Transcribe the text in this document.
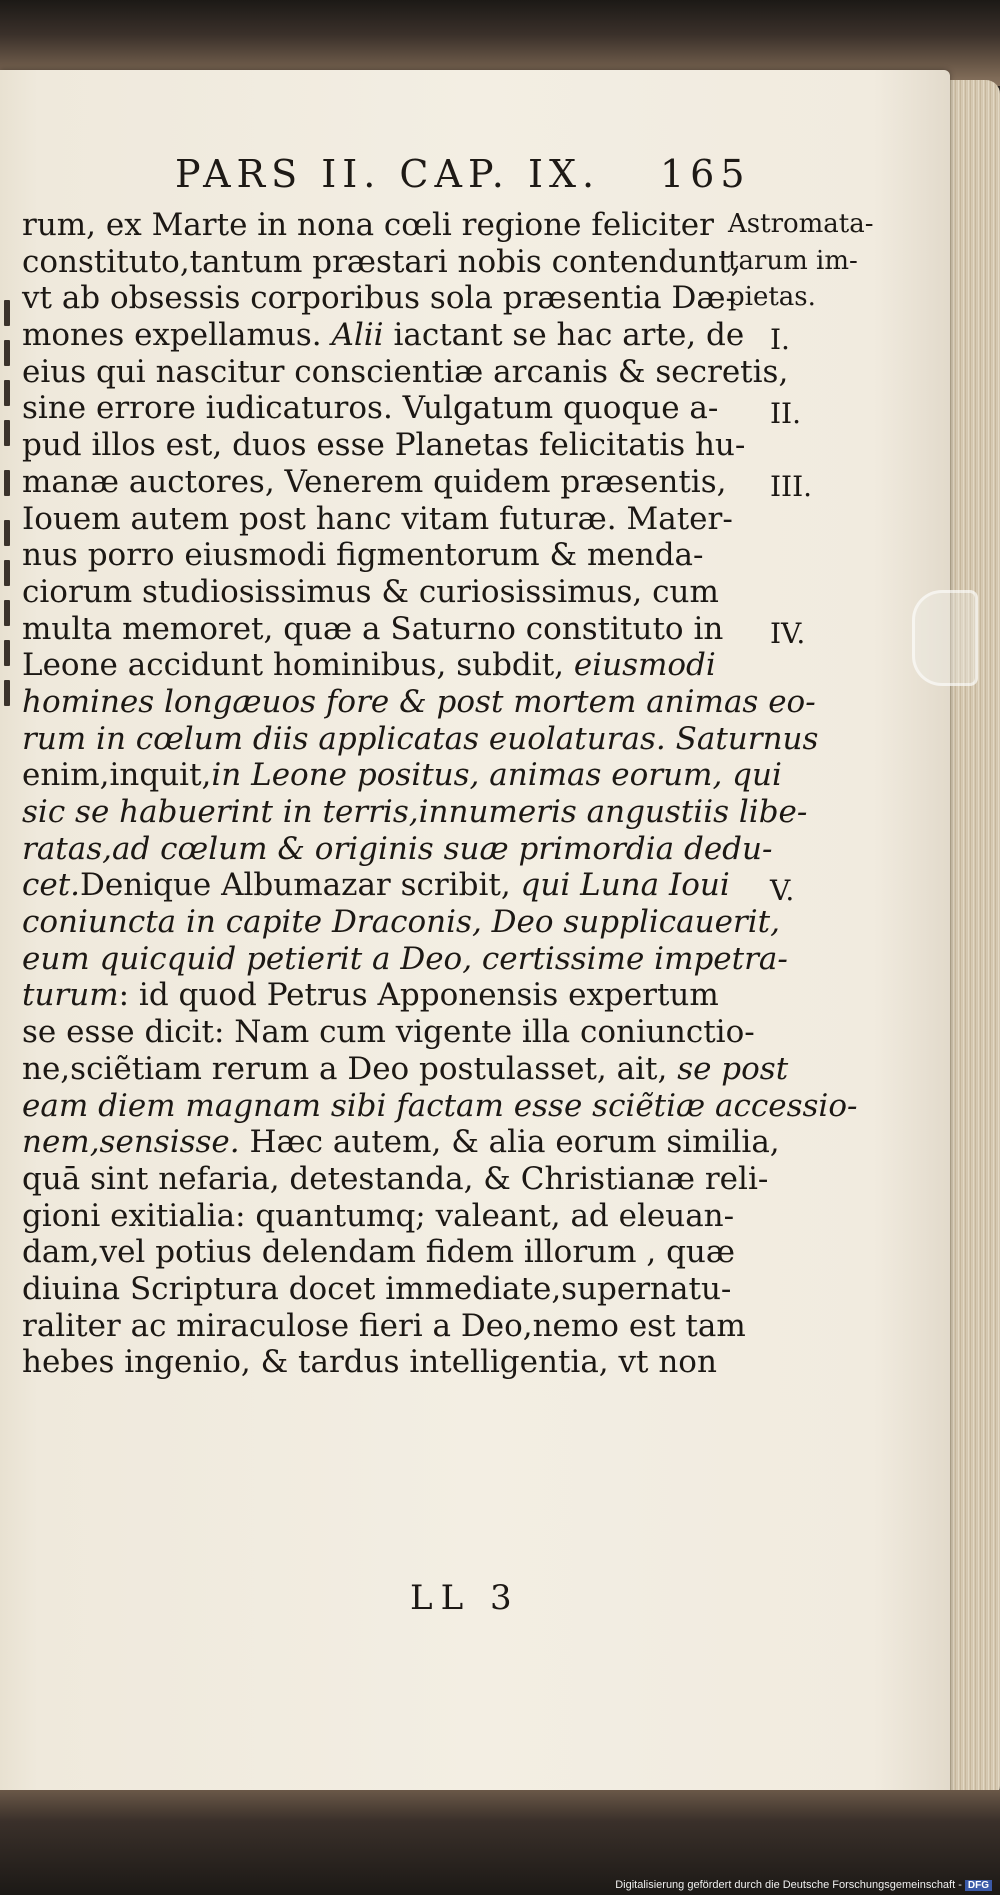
PARS II. CAP. IX. 165
rum, ex Marte in nona cœli regione feliciter
constituto,tantum præstari nobis contendunt,
vt ab obsessis corporibus sola præsentia Dæ-
mones expellamus. Alii iactant se hac arte, de
eius qui nascitur conscientiæ arcanis & secretis,
sine errore iudicaturos. Vulgatum quoque a-
pud illos est, duos esse Planetas felicitatis hu-
manæ auctores, Venerem quidem præsentis,
Iouem autem post hanc vitam futuræ. Mater-
nus porro eiusmodi figmentorum & menda-
ciorum studiosissimus & curiosissimus, cum
multa memoret, quæ a Saturno constituto in
Leone accidunt hominibus, subdit, eiusmodi
homines longæuos fore & post mortem animas eo-
rum in cœlum diis applicatas euolaturas. Saturnus
enim,inquit,in Leone positus, animas eorum, qui
sic se habuerint in terris,innumeris angustiis libe-
ratas,ad cœlum & originis suæ primordia dedu-
cet.Denique Albumazar scribit, qui Luna Ioui
coniuncta in capite Draconis, Deo supplicauerit,
eum quicquid petierit a Deo, certissime impetra-
turum: id quod Petrus Apponensis expertum
se esse dicit: Nam cum vigente illa coniunctio-
ne,sciẽtiam rerum a Deo postulasset, ait, se post
eam diem magnam sibi factam esse sciẽtiæ accessio-
nem,sensisse. Hæc autem, & alia eorum similia,
quā sint nefaria, detestanda, & Christianæ reli-
gioni exitialia: quantumq; valeant, ad eleuan-
dam,vel potius delendam fidem illorum , quæ
diuina Scriptura docet immediate,supernatu-
raliter ac miraculose fieri a Deo,nemo est tam
hebes ingenio, & tardus intelligentia, vt non
Astromata-
tarum im-
pietas.
I.
II.
III.
IV.
V.
LL 3
Digitalisierung gefördert durch die Deutsche Forschungsgemeinschaft - DFG
